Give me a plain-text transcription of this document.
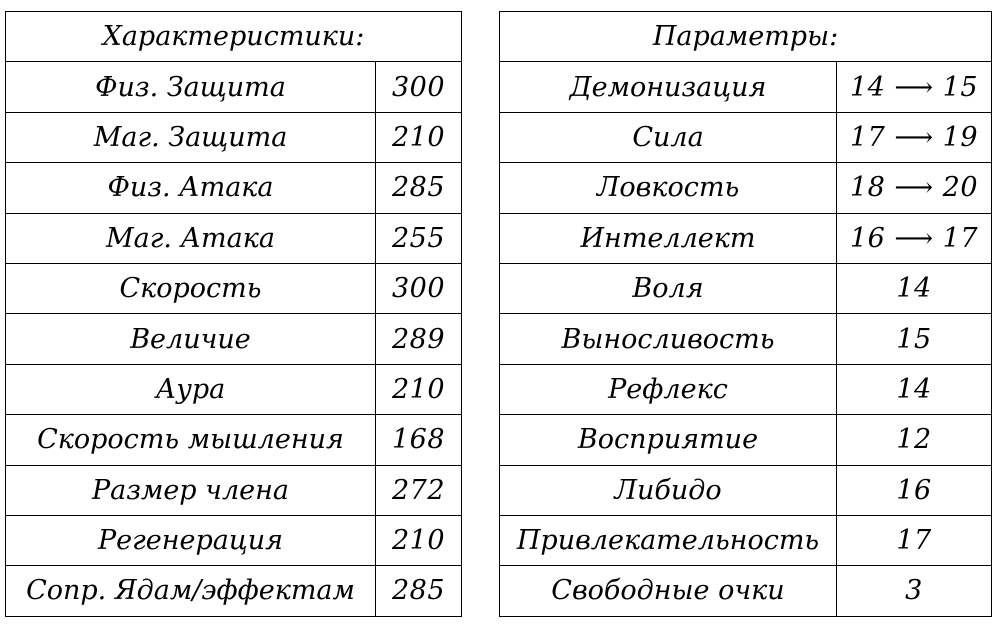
Характеристики:	
Физ. Защита	300
Маг. Защита	210
Физ. Атака	285
Маг. Атака	255
Скорость	300
Величие	289
Аура	210
Скорость мышления	168
Размер члена	272
Регенерация	210
Сопр. Ядам/эффектам	285
Параметры:	
Демонизация	14 ⟶ 15
Сила	17 ⟶ 19
Ловкость	18 ⟶ 20
Интеллект	16 ⟶ 17
Воля	14
Выносливость	15
Рефлекс	14
Восприятие	12
Либидо	16
Привлекательность	17
Свободные очки	3
